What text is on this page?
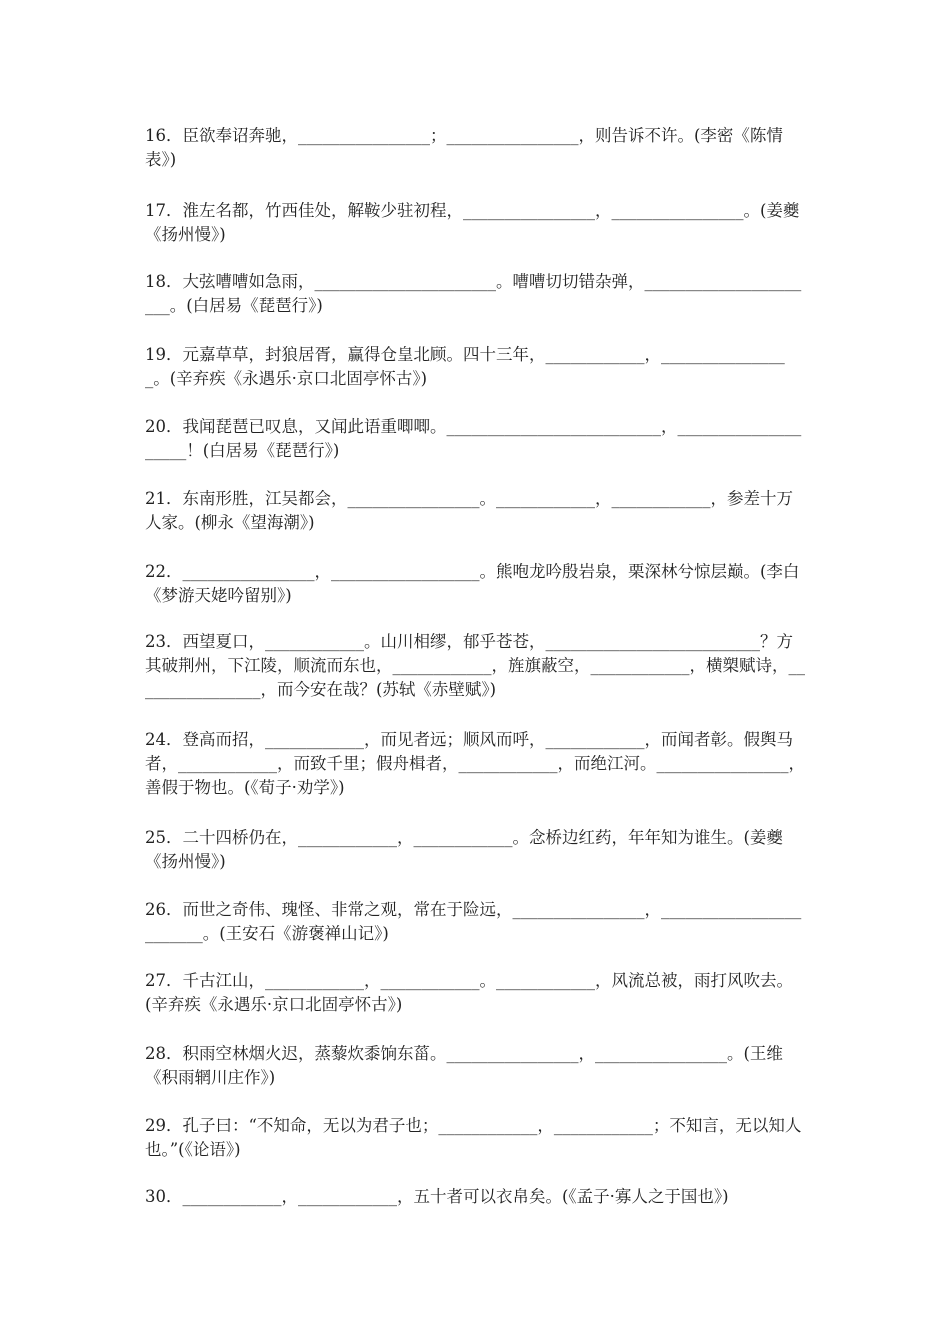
16．臣欲奉诏奔驰，________________；________________，则告诉不许。(李密《陈情表》)
17．淮左名都，竹西佳处，解鞍少驻初程，________________，________________。(姜夔《扬州慢》)
18．大弦嘈嘈如急雨，______________________。嘈嘈切切错杂弹，______________________。(白居易《琵琶行》)
19．元嘉草草，封狼居胥，赢得仓皇北顾。四十三年，____________，________________。(辛弃疾《永遇乐·京口北固亭怀古》)
20．我闻琵琶已叹息，又闻此语重唧唧。__________________________，____________________！(白居易《琵琶行》)
21．东南形胜，江吴都会，________________。____________，____________，参差十万人家。(柳永《望海潮》)
22．________________，__________________。熊咆龙吟殷岩泉，栗深林兮惊层巅。(李白《梦游天姥吟留别》)
23．西望夏口，____________。山川相缪，郁乎苍苍，__________________________？方其破荆州，下江陵，顺流而东也，____________，旌旗蔽空，____________，横槊赋诗，________________，而今安在哉？(苏轼《赤壁赋》)
24．登高而招，____________，而见者远；顺风而呼，____________，而闻者彰。假舆马者，____________，而致千里；假舟楫者，____________，而绝江河。________________，善假于物也。(《荀子·劝学》)
25．二十四桥仍在，____________，____________。念桥边红药，年年知为谁生。(姜夔《扬州慢》)
26．而世之奇伟、瑰怪、非常之观，常在于险远，________________，________________________。(王安石《游褒禅山记》)
27．千古江山，____________，____________。____________，风流总被，雨打风吹去。(辛弃疾《永遇乐·京口北固亭怀古》)
28．积雨空林烟火迟，蒸藜炊黍饷东菑。________________，________________。(王维《积雨辋川庄作》)
29．孔子曰：“不知命，无以为君子也；____________，____________；不知言，无以知人也。”(《论语》)
30．____________，____________，五十者可以衣帛矣。(《孟子·寡人之于国也》)
